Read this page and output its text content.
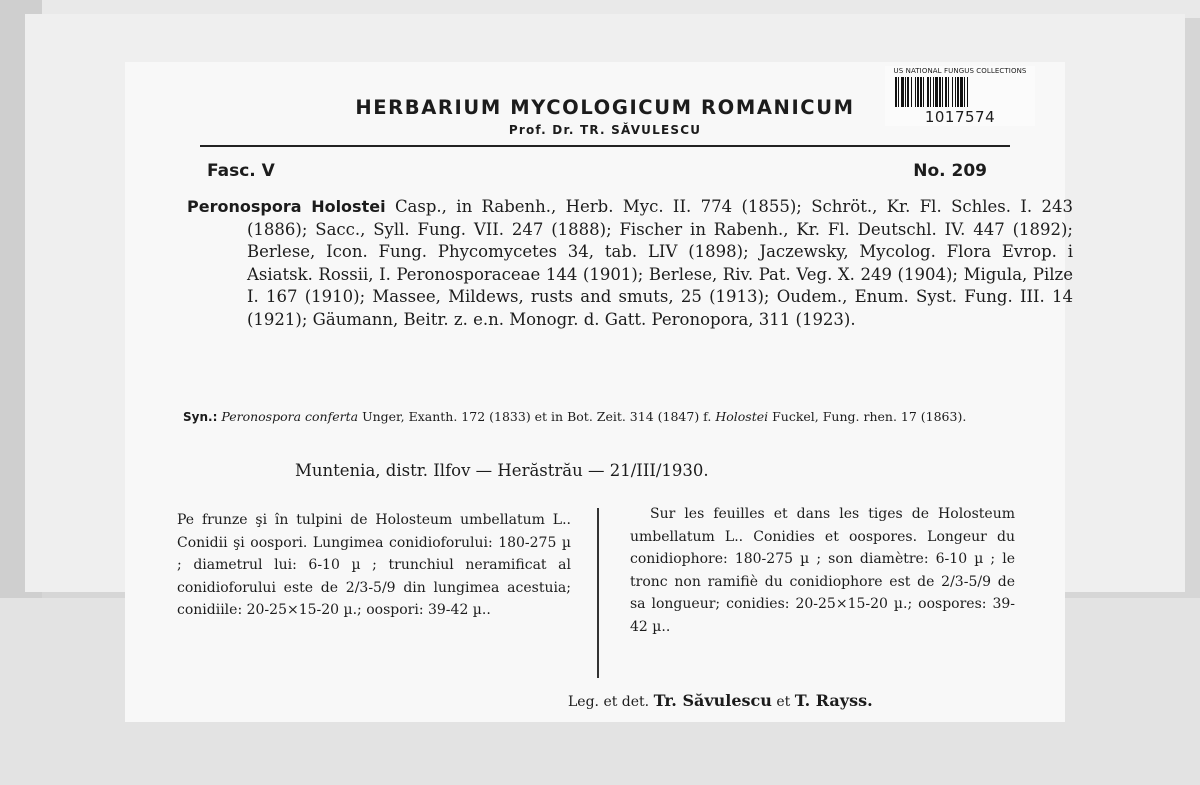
HERBARIUM MYCOLOGICUM ROMANICUM
Prof. Dr. TR. SĂVULESCU
US NATIONAL FUNGUS COLLECTIONS
1017574
Fasc. V	No. 209
Peronospora Holostei Casp., in Rabenh., Herb. Myc. II. 774 (1855); Schröt., Kr. Fl. Schles. I. 243 (1886); Sacc., Syll. Fung. VII. 247 (1888); Fischer in Rabenh., Kr. Fl. Deutschl. IV. 447 (1892); Berlese, Icon. Fung. Phycomycetes 34, tab. LIV (1898); Jaczewsky, Mycolog. Flora Evrop. i Asiatsk. Rossii, I. Peronosporaceae 144 (1901); Berlese, Riv. Pat. Veg. X. 249 (1904); Migula, Pilze I. 167 (1910); Massee, Mildews, rusts and smuts, 25 (1913); Oudem., Enum. Syst. Fung. III. 14 (1921); Gäumann, Beitr. z. e.n. Monogr. d. Gatt. Peronopora, 311 (1923).
Syn.: Peronospora conferta Unger, Exanth. 172 (1833) et in Bot. Zeit. 314 (1847) f. Holostei Fuckel, Fung. rhen. 17 (1863).
Muntenia, distr. Ilfov — Herăstrău — 21/III/1930.
Pe frunze şi în tulpini de Holosteum umbellatum L.. Conidii şi oospori. Lungimea conidioforului: 180-275 µ ; diametrul lui: 6-10 µ ; trunchiul neramificat al conidioforului este de 2/3-5/9 din lungimea acestuia; conidiile: 20-25×15-20 µ.; oospori: 39-42 µ..
Sur les feuilles et dans les tiges de Holosteum umbellatum L.. Conidies et oospores. Longeur du conidiophore: 180-275 µ ; son diamètre: 6-10 µ ; le tronc non ramifiè du conidiophore est de 2/3-5/9 de sa longueur; conidies: 20-25×15-20 µ.; oospores: 39-42 µ..
Leg. et det. Tr. Săvulescu et T. Rayss.
